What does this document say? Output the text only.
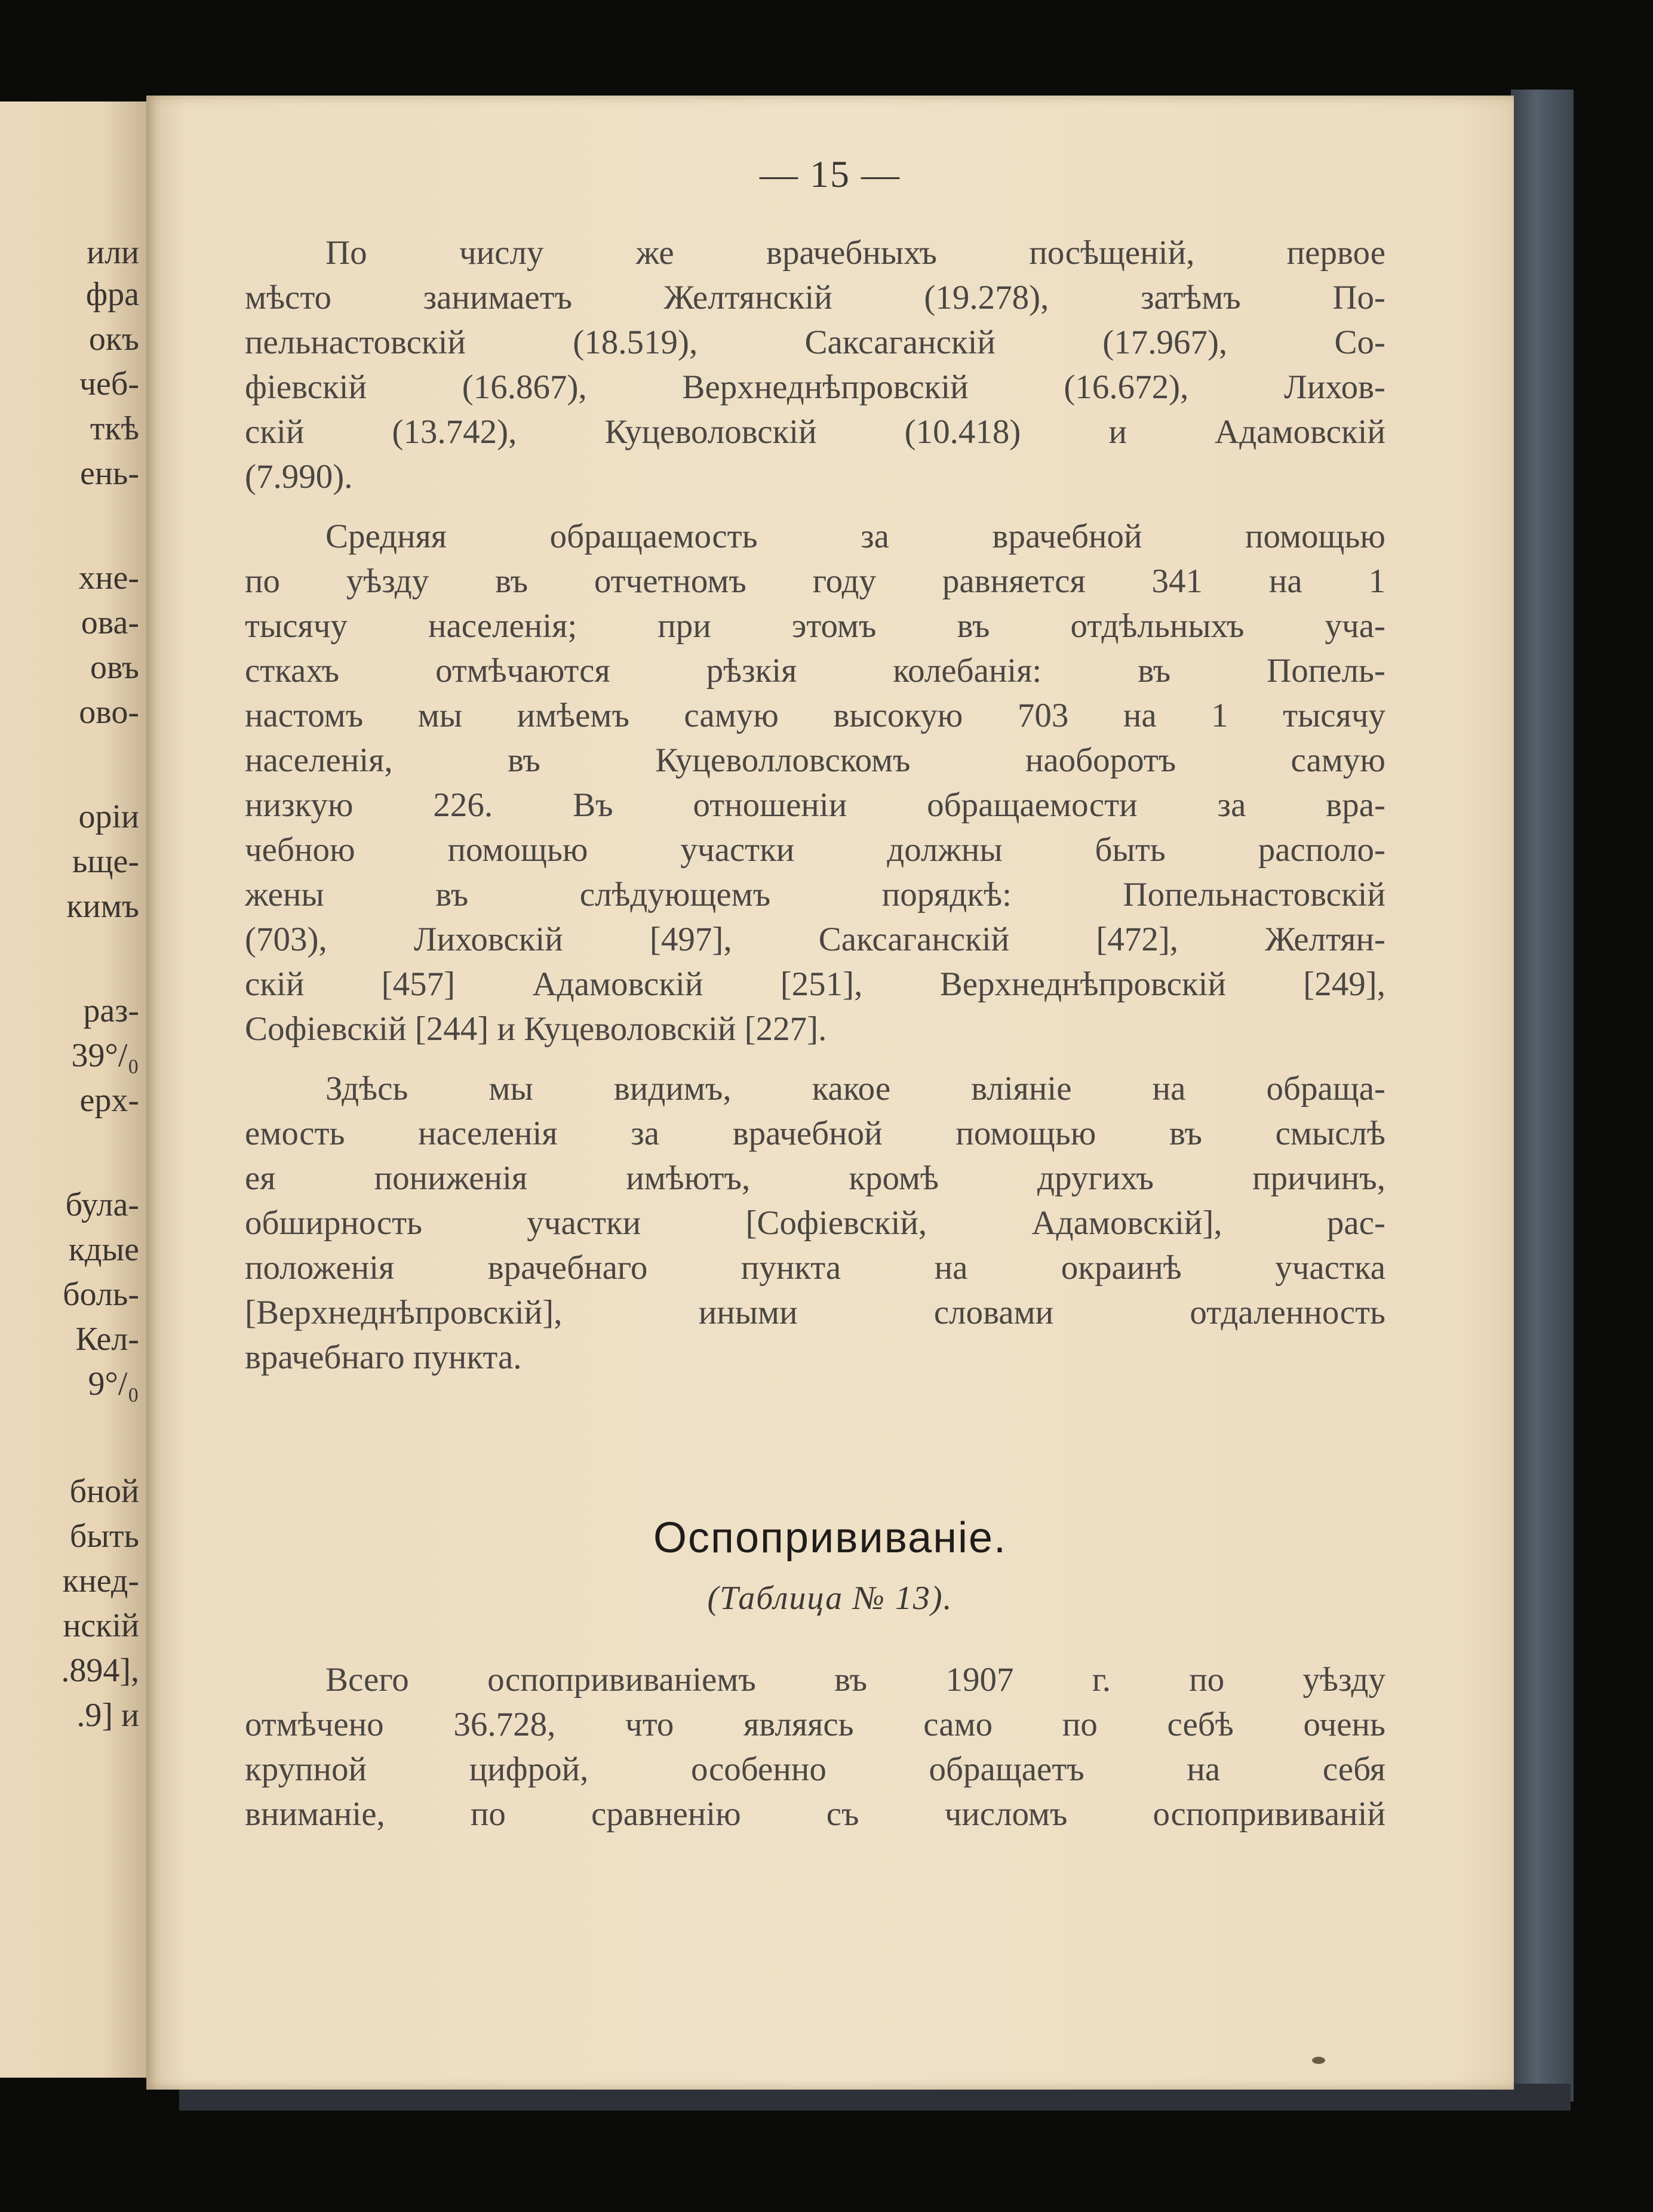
или
фра
окъ
чеб-
ткѣ
ень-
хне-
ова-
овъ
ово-
оріи
ьще-
кимъ
раз-
39°/₀
ерх-
була-
кдые
боль-
Кел-
9°/₀
бной
быть
кнед-
нскій
.894],
.9] и
— 15 —
По числу же врачебныхъ посѣщеній, первое
мѣсто занимаетъ Желтянскій (19.278), затѣмъ По-
пельнастовскій (18.519), Саксаганскій (17.967), Со-
фіевскій (16.867), Верхнеднѣпровскій (16.672), Лихов-
скій (13.742), Куцеволовскій (10.418) и Адамовскій
(7.990).
Средняя обращаемость за врачебной помощью
по уѣзду въ отчетномъ году равняется 341 на 1
тысячу населенія; при этомъ въ отдѣльныхъ уча-
сткахъ отмѣчаются рѣзкія колебанія: въ Попель-
настомъ мы имѣемъ самую высокую 703 на 1 тысячу
населенія, въ Куцеволловскомъ наоборотъ самую
низкую 226. Въ отношеніи обращаемости за вра-
чебною помощью участки должны быть располо-
жены въ слѣдующемъ порядкѣ: Попельнастовскій
(703), Лиховскій [497], Саксаганскій [472], Желтян-
скій [457] Адамовскій [251], Верхнеднѣпровскій [249],
Софіевскій [244] и Куцеволовскій [227].
Здѣсь мы видимъ, какое вліяніе на обраща-
емость населенія за врачебной помощью въ смыслѣ
ея пониженія имѣютъ, кромѣ другихъ причинъ,
обширность участки [Софіевскій, Адамовскій], рас-
положенія врачебнаго пункта на окраинѣ участка
[Верхнеднѣпровскій], иными словами отдаленность
врачебнаго пункта.
Оспопрививаніе.
(Таблица № 13).
Всего оспопрививаніемъ въ 1907 г. по уѣзду
отмѣчено 36.728, что являясь само по себѣ очень
крупной цифрой, особенно обращаетъ на себя
вниманіе, по сравненію съ числомъ оспопрививаній
